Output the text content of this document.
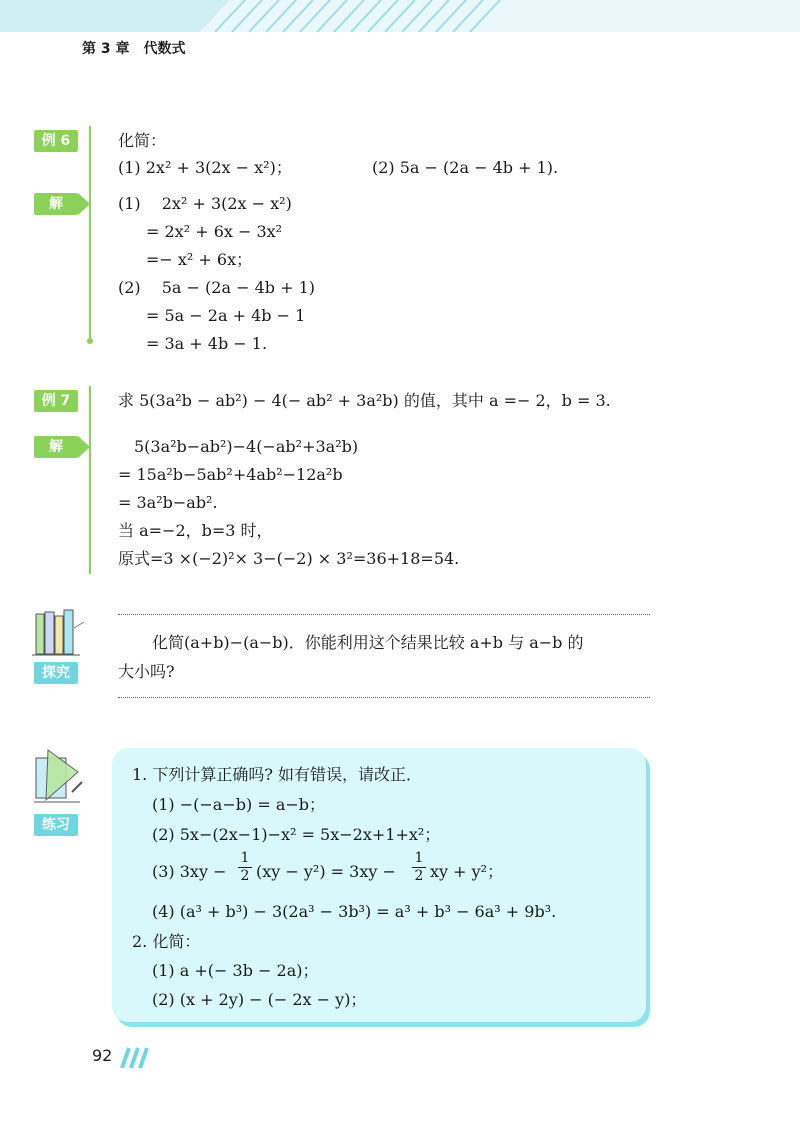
第 3 章　代数式
例 6	化简：
(1) 2x² + 3(2x − x²)；	(2) 5a − (2a − 4b + 1).
解	(1)　 2x² + 3(2x − x²)
= 2x² + 6x − 3x²
=− x² + 6x；
(2)　 5a − (2a − 4b + 1)
= 5a − 2a + 4b − 1
= 3a + 4b − 1.
例 7	求 5(3a²b − ab²) − 4(− ab² + 3a²b) 的值，其中 a =− 2，b = 3.
解	5(3a²b−ab²)−4(−ab²+3a²b)
= 15a²b−5ab²+4ab²−12a²b
= 3a²b−ab².
当 a=−2，b=3 时，
原式=3 ×(−2)²× 3−(−2) × 3²=36+18=54.
探究
化简(a+b)−(a−b)．你能利用这个结果比较 a+b 与 a−b 的
大小吗?
练习
1. 下列计算正确吗? 如有错误，请改正．
(1) −(−a−b) = a−b；
(2) 5x−(2x−1)−x² = 5x−2x+1+x²；
(3) 3xy −
1
2 (xy − y²) = 3xy −
1
2 xy + y²；
(4) (a³ + b³) − 3(2a³ − 3b³) = a³ + b³ − 6a³ + 9b³.
2. 化简：
(1) a +(− 3b − 2a)；
(2) (x + 2y) − (− 2x − y)；
92
